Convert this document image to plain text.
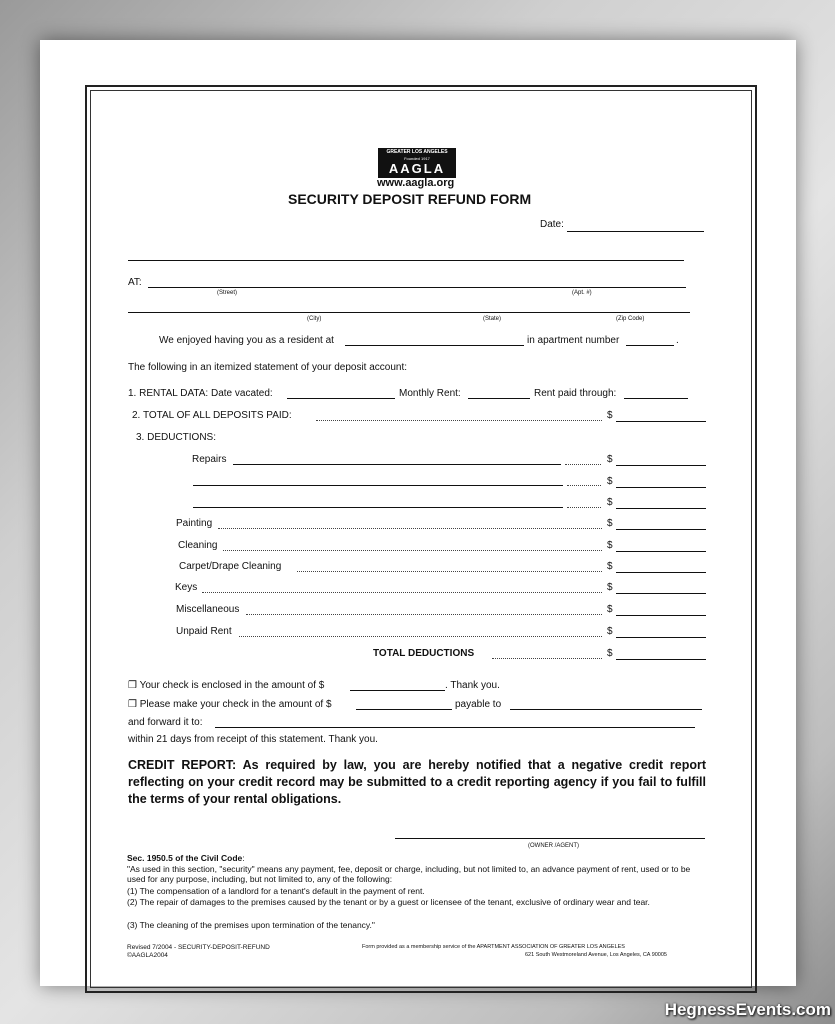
GREATER LOS ANGELES
Founded 1917
AAGLA
www.aagla.org
SECURITY DEPOSIT REFUND FORM
Date:
AT:
(Street)	(Apt. #)
(City)	(State)	(Zip Code)
We enjoyed having you as a resident at	in apartment number	.
The following in an itemized statement of your deposit account:
1. RENTAL DATA: Date vacated:	Monthly Rent:	Rent paid through:
2. TOTAL OF ALL DEPOSITS PAID:	$
3. DEDUCTIONS:
Repairs	$
$
$
Painting	$
Cleaning	$
Carpet/Drape Cleaning	$
Keys	$
Miscellaneous	$
Unpaid Rent	$
TOTAL DEDUCTIONS	$
❒ Your check is enclosed in the amount of $	. Thank you.
❒ Please make your check in the amount of $	payable to
and forward it to:
within 21 days from receipt of this statement. Thank you.
CREDIT REPORT: As required by law, you are hereby notified that a negative credit report reflecting on your credit record may be submitted to a credit reporting agency if you fail to fulfill the terms of your rental obligations.
(OWNER /AGENT)
Sec. 1950.5 of the Civil Code:
"As used in this section, "security" means any payment, fee, deposit or charge, including, but not limited to, an advance payment of rent, used or to be used for any purpose, including, but not limited to, any of the following:
(1) The compensation of a landlord for a tenant's default in the payment of rent.
(2) The repair of damages to the premises caused by the tenant or by a guest or licensee of the tenant, exclusive of ordinary wear and tear.
(3) The cleaning of the premises upon termination of the tenancy."
Revised 7/2004 - SECURITY-DEPOSIT-REFUND
©AAGLA2004
Form provided as a membership service of the APARTMENT ASSOCIATION OF GREATER LOS ANGELES
621 South Westmoreland Avenue, Los Angeles, CA 90005
HegnessEvents.com
